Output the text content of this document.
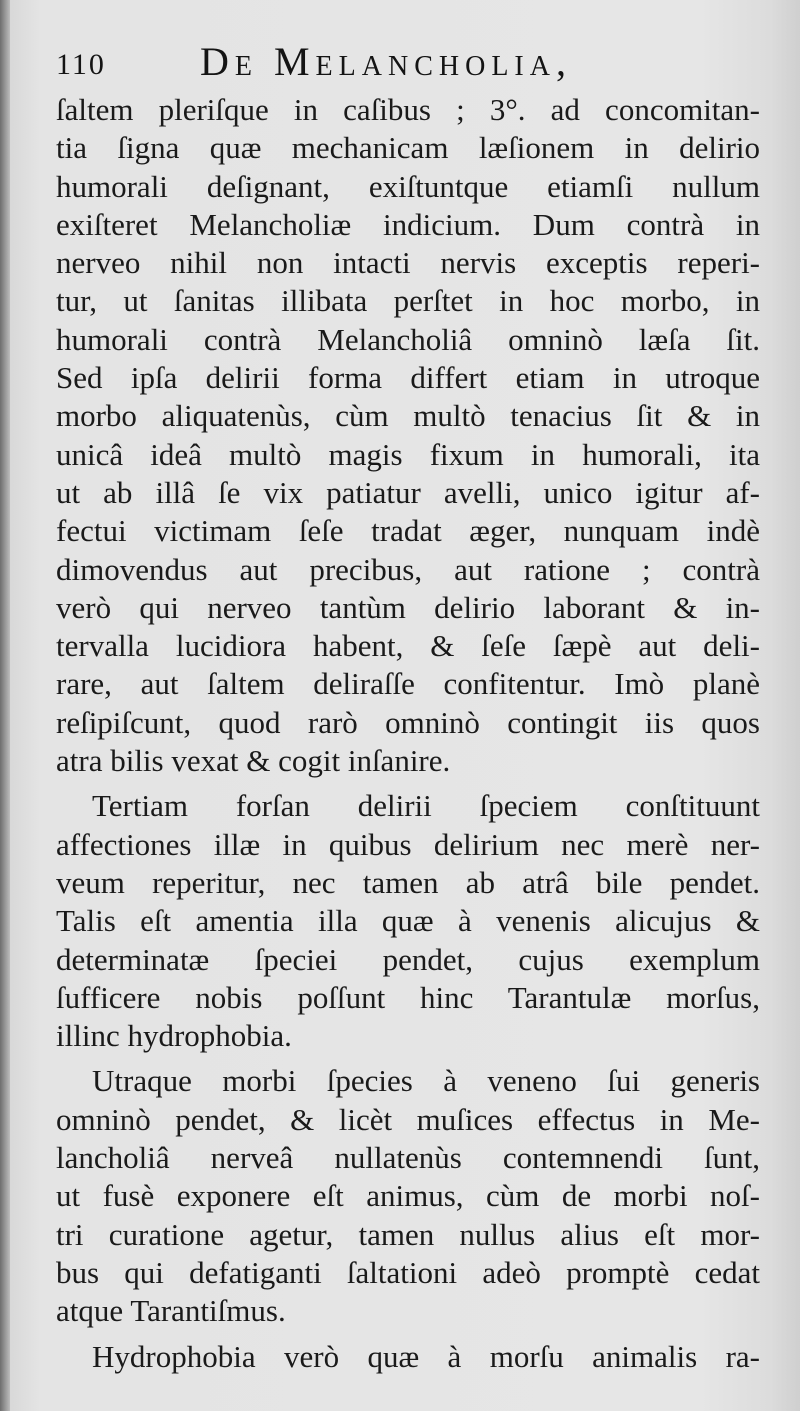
110 De Melancholia,
ſaltem pleriſque in caſibus ; 3°. ad concomitan-
tia ſigna quæ mechanicam læſionem in delirio
humorali deſignant, exiſtuntque etiamſi nullum
exiſteret Melancholiæ indicium. Dum contrà in
nerveo nihil non intacti nervis exceptis reperi-
tur, ut ſanitas illibata perſtet in hoc morbo, in
humorali contrà Melancholiâ omninò læſa ſit.
Sed ipſa delirii forma differt etiam in utroque
morbo aliquatenùs, cùm multò tenacius ſit & in
unicâ ideâ multò magis fixum in humorali, ita
ut ab illâ ſe vix patiatur avelli, unico igitur af-
fectui victimam ſeſe tradat æger, nunquam indè
dimovendus aut precibus, aut ratione ; contrà
verò qui nerveo tantùm delirio laborant & in-
tervalla lucidiora habent, & ſeſe ſæpè aut deli-
rare, aut ſaltem deliraſſe confitentur. Imò planè
reſipiſcunt, quod rarò omninò contingit iis quos
atra bilis vexat & cogit inſanire.
Tertiam forſan delirii ſpeciem conſtituunt
affectiones illæ in quibus delirium nec merè ner-
veum reperitur, nec tamen ab atrâ bile pendet.
Talis eſt amentia illa quæ à venenis alicujus &
determinatæ ſpeciei pendet, cujus exemplum
ſufficere nobis poſſunt hinc Tarantulæ morſus,
illinc hydrophobia.
Utraque morbi ſpecies à veneno ſui generis
omninò pendet, & licèt muſices effectus in Me-
lancholiâ nerveâ nullatenùs contemnendi ſunt,
ut fusè exponere eſt animus, cùm de morbi noſ-
tri curatione agetur, tamen nullus alius eſt mor-
bus qui defatiganti ſaltationi adeò promptè cedat
atque Tarantiſmus.
Hydrophobia verò quæ à morſu animalis ra-
